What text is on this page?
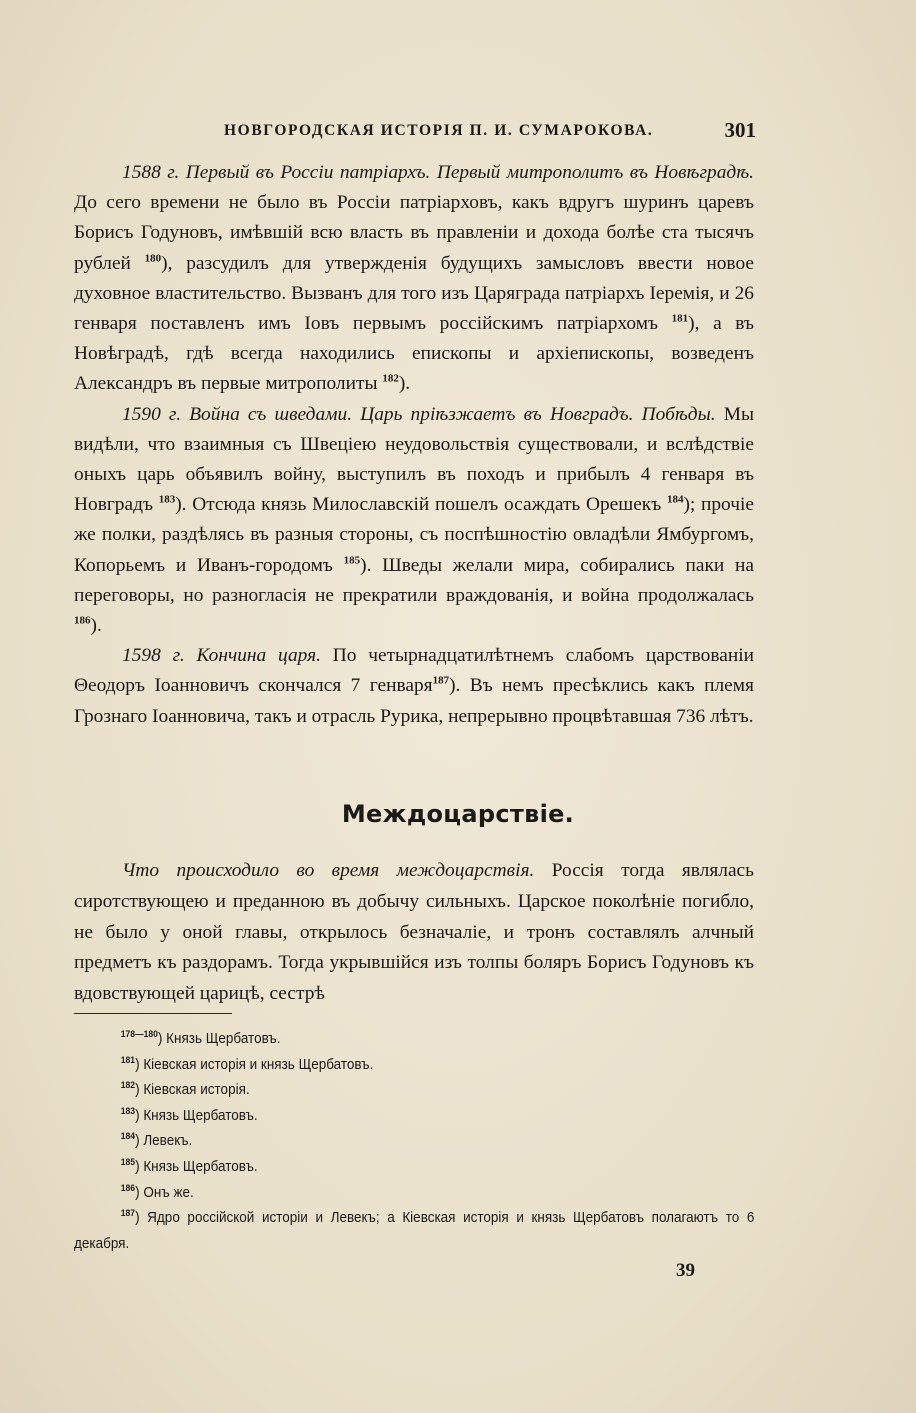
НОВГОРОДСКАЯ ИСТОРІЯ П. И. СУМАРОКОВА.	301

1588 г. Первый въ Россіи патріархъ. Первый митрополитъ въ Новѣградѣ. До сего времени не было въ Россіи патріарховъ, какъ вдругъ шуринъ царевъ Борисъ Годуновъ, имѣвшій всю власть въ правленіи и дохода болѣе ста тысячъ рублей $^{180}$), разсудилъ для утвержденія будущихъ замысловъ ввести новое духовное властительство. Вызванъ для того изъ Царяграда патріархъ Іеремія, и 26 генваря поставленъ имъ Іовъ первымъ россійскимъ патріархомъ $^{181}$), а въ Новѣградѣ, гдѣ всегда находились епископы и архіепископы, возведенъ Александръ въ первые митрополиты $^{182}$).

1590 г. Война съ шведами. Царь пріѣзжаетъ въ Новградъ. Побѣды. Мы видѣли, что взаимныя съ Швеціею неудовольствія существовали, и вслѣдствіе оныхъ царь объявилъ войну, выступилъ въ походъ и прибылъ 4 генваря въ Новградъ $^{183}$). Отсюда князь Милославскій пошелъ осаждать Орешекъ $^{184}$); прочіе же полки, раздѣлясь въ разныя стороны, съ поспѣшностію овладѣли Ямбургомъ, Копорьемъ и Иванъ-городомъ $^{185}$). Шведы желали мира, собирались паки на переговоры, но разногласія не прекратили враждованія, и война продолжалась $^{186}$).

1598 г. Кончина царя. По четырнадцатилѣтнемъ слабомъ царствованіи Θеодоръ Іоанновичъ скончался 7 генваря$^{187}$). Въ немъ пресѣклись какъ племя Грознаго Іоанновича, такъ и отрасль Рурика, непрерывно процвѣтавшая 736 лѣтъ.

Междоцарствіе.

Что происходило во время междоцарствія. Россія тогда являлась сиротствующею и преданною въ добычу сильныхъ. Царское поколѣніе погибло, не было у оной главы, открылось безначаліе, и тронъ составлялъ алчный предметъ къ раздорамъ. Тогда укрывшійся изъ толпы боляръ Борисъ Годуновъ къ вдовствующей царицѣ, сестрѣ

$^{178—180}$) Князь Щербатовъ.

$^{181}$) Кіевская исторія и князь Щербатовъ.

$^{182}$) Кіевская исторія.

$^{183}$) Князь Щербатовъ.

$^{184}$) Левекъ.

$^{185}$) Князь Щербатовъ.

$^{186}$) Онъ же.

$^{187}$) Ядро россійской исторіи и Левекъ; а Кіевская исторія и князь Щербатовъ полагаютъ то 6 декабря.

39
